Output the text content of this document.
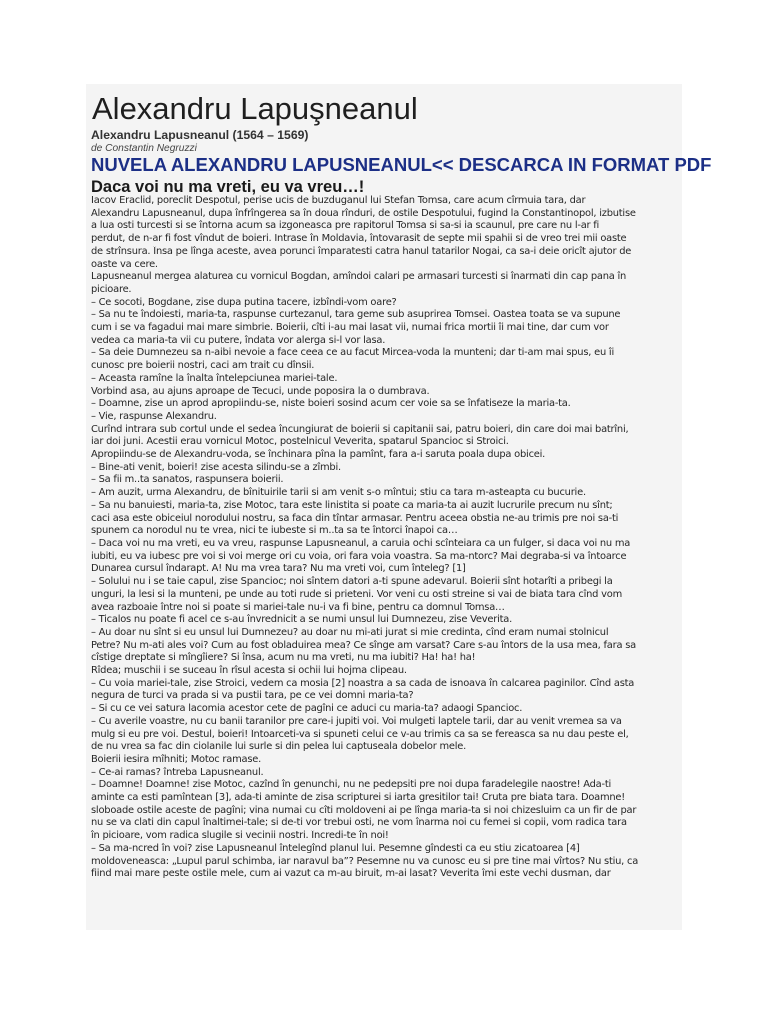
Alexandru Lapuşneanul
Alexandru Lapusneanul (1564 – 1569)
de Constantin Negruzzi
NUVELA ALEXANDRU LAPUSNEANUL<< DESCARCA IN FORMAT PDF
Daca voi nu ma vreti, eu va vreu…!
Iacov Eraclid, poreclit Despotul, perise ucis de buzduganul lui Stefan Tomsa, care acum cîrmuia tara, dar
Alexandru Lapusneanul, dupa înfrîngerea sa în doua rînduri, de ostile Despotului, fugind la Constantinopol, izbutise
a lua osti turcesti si se întorna acum sa izgoneasca pre rapitorul Tomsa si sa-si ia scaunul, pre care nu l-ar fi
perdut, de n-ar fi fost vîndut de boieri. Intrase în Moldavia, întovarasit de septe mii spahii si de vreo trei mii oaste
de strînsura. Însa pe lînga aceste, avea porunci împaratesti catra hanul tatarilor Nogai, ca sa-i deie oricît ajutor de
oaste va cere.
Lapusneanul mergea alaturea cu vornicul Bogdan, amîndoi calari pe armasari turcesti si înarmati din cap pana în
picioare.
– Ce socoti, Bogdane, zise dupa putina tacere, izbîndi-vom oare?
– Sa nu te îndoiesti, maria-ta, raspunse curtezanul, tara geme sub asuprirea Tomsei. Oastea toata se va supune
cum i se va fagadui mai mare simbrie. Boierii, cîti i-au mai lasat vii, numai frica mortii îi mai tine, dar cum vor
vedea ca maria-ta vii cu putere, îndata vor alerga si-l vor lasa.
– Sa deie Dumnezeu sa n-aibi nevoie a face ceea ce au facut Mircea-voda la munteni; dar ti-am mai spus, eu îi
cunosc pre boierii nostri, caci am trait cu dînsii.
– Aceasta ramîne la înalta întelepciunea mariei-tale.
Vorbind asa, au ajuns aproape de Tecuci, unde poposira la o dumbrava.
– Doamne, zise un aprod apropiindu-se, niste boieri sosind acum cer voie sa se înfatiseze la maria-ta.
– Vie, raspunse Alexandru.
Curînd intrara sub cortul unde el sedea încungiurat de boierii si capitanii sai, patru boieri, din care doi mai batrîni,
iar doi juni. Acestii erau vornicul Motoc, postelnicul Veverita, spatarul Spancioc si Stroici.
Apropiindu-se de Alexandru-voda, se închinara pîna la pamînt, fara a-i saruta poala dupa obicei.
– Bine-ati venit, boieri! zise acesta silindu-se a zîmbi.
– Sa fii m..ta sanatos, raspunsera boierii.
– Am auzit, urma Alexandru, de bînituirile tarii si am venit s-o mîntui; stiu ca tara m-asteapta cu bucurie.
– Sa nu banuiesti, maria-ta, zise Motoc, tara este linistita si poate ca maria-ta ai auzit lucrurile precum nu sînt;
caci asa este obiceiul norodului nostru, sa faca din tîntar armasar. Pentru aceea obstia ne-au trimis pre noi sa-ti
spunem ca norodul nu te vrea, nici te iubeste si m..ta sa te întorci înapoi ca…
– Daca voi nu ma vreti, eu va vreu, raspunse Lapusneanul, a caruia ochi scînteiara ca un fulger, si daca voi nu ma
iubiti, eu va iubesc pre voi si voi merge ori cu voia, ori fara voia voastra. Sa ma-ntorc? Mai degraba-si va întoarce
Dunarea cursul îndarapt. A! Nu ma vrea tara? Nu ma vreti voi, cum înteleg? [1]
– Solului nu i se taie capul, zise Spancioc; noi sîntem datori a-ti spune adevarul. Boierii sînt hotarîti a pribegi la
unguri, la lesi si la munteni, pe unde au toti rude si prieteni. Vor veni cu osti streine si vai de biata tara cînd vom
avea razboaie între noi si poate si mariei-tale nu-i va fi bine, pentru ca domnul Tomsa…
– Ticalos nu poate fi acel ce s-au învrednicit a se numi unsul lui Dumnezeu, zise Veverita.
– Au doar nu sînt si eu unsul lui Dumnezeu? au doar nu mi-ati jurat si mie credinta, cînd eram numai stolnicul
Petre? Nu m-ati ales voi? Cum au fost obladuirea mea? Ce sînge am varsat? Care s-au întors de la usa mea, fara sa
cîstige dreptate si mîngîiere? Si însa, acum nu ma vreti, nu ma iubiti? Ha! ha! ha!
Rîdea; muschii i se suceau în rîsul acesta si ochii lui hojma clipeau.
– Cu voia mariei-tale, zise Stroici, vedem ca mosia [2] noastra a sa cada de isnoava în calcarea paginilor. Cînd asta
negura de turci va prada si va pustii tara, pe ce vei domni maria-ta?
– Si cu ce vei satura lacomia acestor cete de pagîni ce aduci cu maria-ta? adaogi Spancioc.
– Cu averile voastre, nu cu banii taranilor pre care-i jupiti voi. Voi mulgeti laptele tarii, dar au venit vremea sa va
mulg si eu pre voi. Destul, boieri! Întoarceti-va si spuneti celui ce v-au trimis ca sa se fereasca sa nu dau peste el,
de nu vrea sa fac din ciolanile lui surle si din pelea lui captuseala dobelor mele.
Boierii iesira mîhniti; Motoc ramase.
– Ce-ai ramas? întreba Lapusneanul.
– Doamne! Doamne! zise Motoc, cazînd în genunchi, nu ne pedepsiti pre noi dupa faradelegile naostre! Ada-ti
aminte ca esti pamîntean [3], ada-ti aminte de zisa scripturei si iarta gresitilor tai! Cruta pre biata tara. Doamne!
sloboade ostile aceste de pagîni; vina numai cu cîti moldoveni ai pe lînga maria-ta si noi chizesluim ca un fir de par
nu se va clati din capul înaltimei-tale; si de-ti vor trebui osti, ne vom înarma noi cu femei si copii, vom radica tara
în picioare, vom radica slugile si vecinii nostri. Încredi-te în noi!
– Sa ma-ncred în voi? zise Lapusneanul întelegînd planul lui. Pesemne gîndesti ca eu stiu zicatoarea [4]
moldoveneasca: „Lupul parul schimba, iar naravul ba”? Pesemne nu va cunosc eu si pre tine mai vîrtos? Nu stiu, ca
fiind mai mare peste ostile mele, cum ai vazut ca m-au biruit, m-ai lasat? Veverita îmi este vechi dusman, dar
